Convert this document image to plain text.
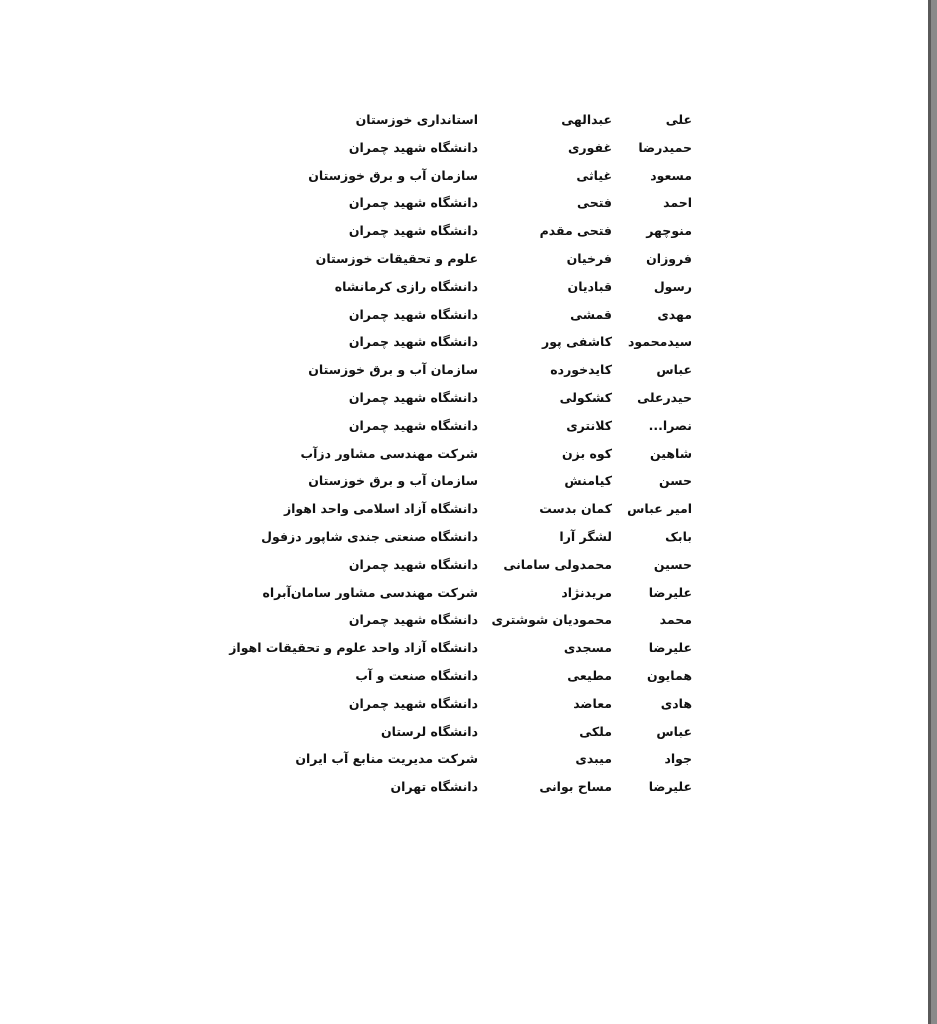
علی
عبدالهی
استانداری خوزستان
حمیدرضا
غفوری
دانشگاه شهید چمران
مسعود
غیاثی
سازمان آب و برق خوزستان
احمد
فتحی
دانشگاه شهید چمران
منوچهر
فتحی مقدم
دانشگاه شهید چمران
فروزان
فرخیان
علوم و تحقیقات خوزستان
رسول
قبادیان
دانشگاه رازی کرمانشاه
مهدی
قمشی
دانشگاه شهید چمران
سیدمحمود
کاشفی پور
دانشگاه شهید چمران
عباس
کایدخورده
سازمان آب و برق خوزستان
حیدرعلی
کشکولی
دانشگاه شهید چمران
نصرا...
کلانتری
دانشگاه شهید چمران
شاهین
کوه بزن
شرکت مهندسی مشاور دزآب
حسن
کیامنش
سازمان آب و برق خوزستان
امیر عباس
کمان بدست
دانشگاه آزاد اسلامی واحد اهواز
بابک
لشگر آرا
دانشگاه صنعتی جندی شاپور دزفول
حسین
محمدولی سامانی
دانشگاه شهید چمران
علیرضا
مریدنژاد
شرکت مهندسی مشاور سامان‌آبراه
محمد
محمودیان شوشتری
دانشگاه شهید چمران
علیرضا
مسجدی
دانشگاه آزاد واحد علوم و تحقیقات اهواز
همایون
مطیعی
دانشگاه صنعت و آب
هادی
معاضد
دانشگاه شهید چمران
عباس
ملکی
دانشگاه لرستان
جواد
میبدی
شرکت مدیریت منابع آب ایران
علیرضا
مساح بوانی
دانشگاه تهران
